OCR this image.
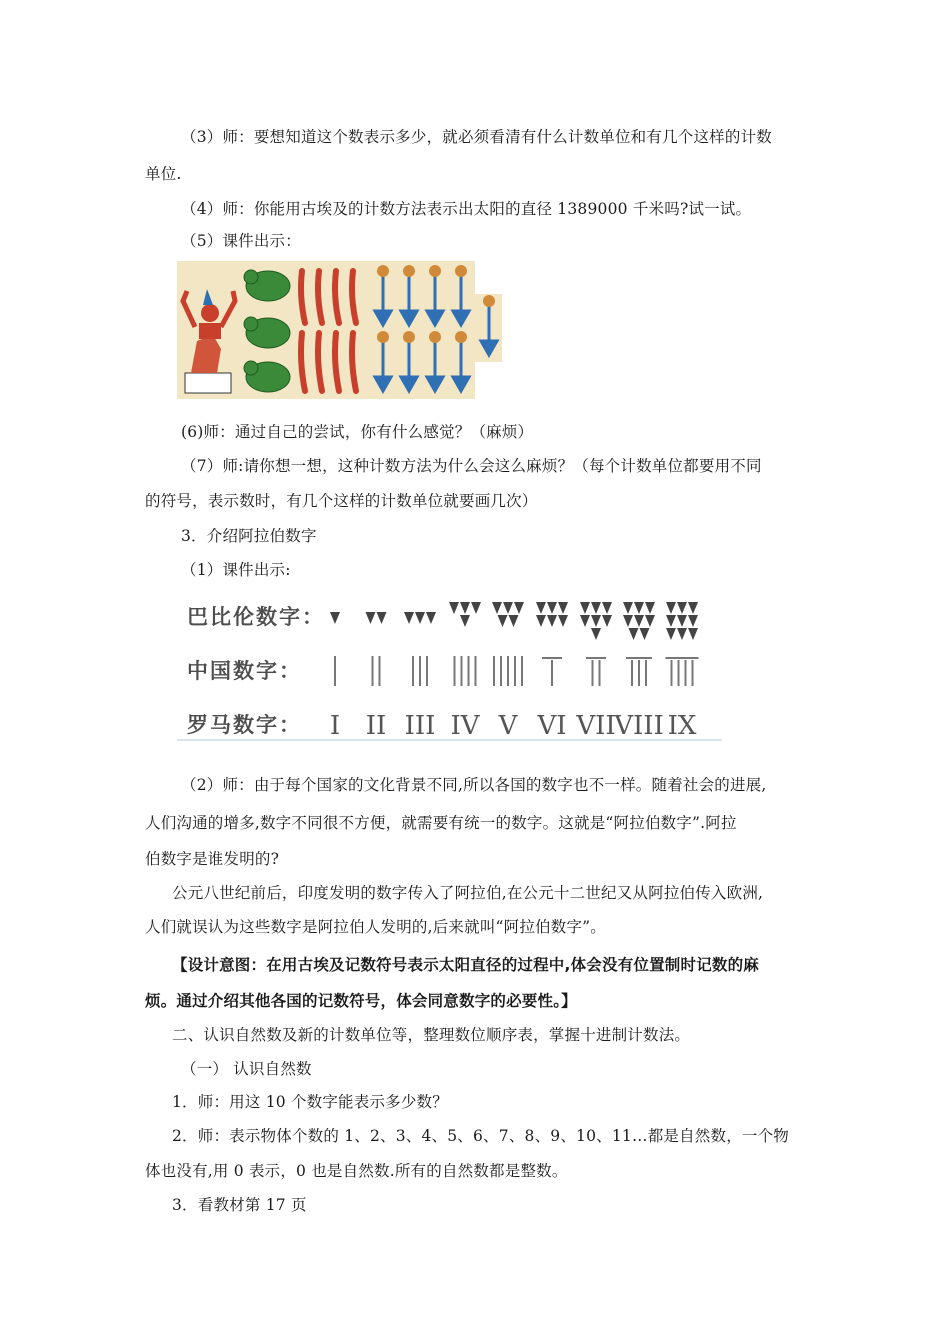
（3）师：要想知道这个数表示多少，就必须看清有什么计数单位和有几个这样的计数
单位.
（4）师：你能用古埃及的计数方法表示出太阳的直径 1389000 千米吗?试一试。
（5）课件出示：
(6)师：通过自己的尝试，你有什么感觉？（麻烦）
（7）师:请你想一想，这种计数方法为什么会这么麻烦？（每个计数单位都要用不同
的符号，表示数时，有几个这样的计数单位就要画几次）
3．介绍阿拉伯数字
（1）课件出示:
巴比伦数字：
中国数字：
罗马数字： I II III IV V VI VII
VIII IX
（2）师：由于每个国家的文化背景不同,所以各国的数字也不一样。随着社会的进展,
人们沟通的增多,数字不同很不方便，就需要有统一的数字。这就是“阿拉伯数字”.阿拉
伯数字是谁发明的?
公元八世纪前后，印度发明的数字传入了阿拉伯,在公元十二世纪又从阿拉伯传入欧洲,
人们就误认为这些数字是阿拉伯人发明的,后来就叫“阿拉伯数字”。
【设计意图：在用古埃及记数符号表示太阳直径的过程中,体会没有位置制时记数的麻
烦。通过介绍其他各国的记数符号，体会同意数字的必要性。】
二、认识自然数及新的计数单位等，整理数位顺序表，掌握十进制计数法。
（一） 认识自然数
1．师：用这 10 个数字能表示多少数？
2．师：表示物体个数的 1、2、3、4、5、6、7、8、9、10、11…都是自然数，一个物
体也没有,用 0 表示，0 也是自然数.所有的自然数都是整数。
3．看教材第 17 页
